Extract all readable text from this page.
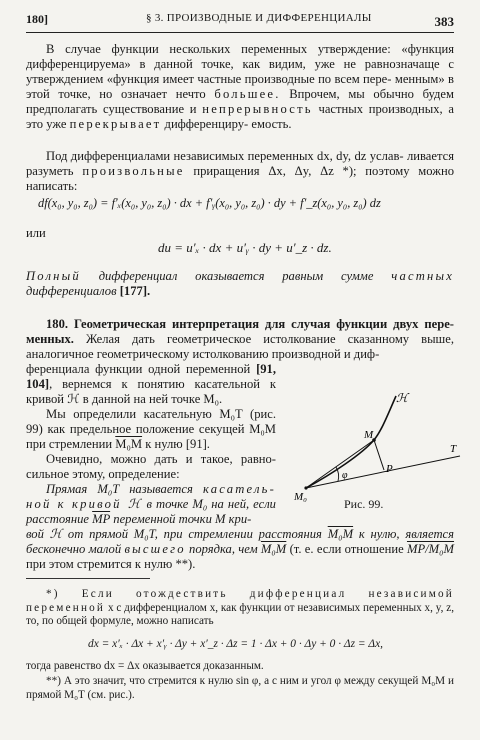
180]	§ 3. ПРОИЗВОДНЫЕ И ДИФФЕРЕНЦИАЛЫ	383
В случае функции нескольких переменных утверждение: «функция дифференцируема» в данной точке, как видим, уже не равнозначаще с утверждением «функция имеет частные производные по всем пере- менным» в этой точке, но означает нечто большее. Впрочем, мы обычно будем предполагать существование и непрерывность частных производных, а это уже перекрывает дифференциру- емость.
Под дифференциалами независимых переменных dx, dy, dz услав- ливается разуметь произвольные приращения Δx, Δy, Δz *); поэтому можно написать:
df(x₀, y₀, z₀) = f′ₓ(x₀, y₀, z₀) · dx + f′ᵧ(x₀, y₀, z₀) · dy + f′_z(x₀, y₀, z₀) dz
или
du = u′ₓ · dx + u′ᵧ · dy + u′_z · dz.
Полный дифференциал оказывается равным сумме частных дифференциалов [177].
180. Геометрическая интерпретация для случая функции двух пере- менных. Желая дать геометрическое истолкование сказанному выше, аналогичное геометрическому истолкованию производной и диф-
ференциала функции одной переменной [91, 104], вернемся к понятию касательной к кривой ℋ в данной на ней точке M₀.
Мы определили касательную M₀T (рис. 99) как предельное положение секущей M₀M при стремлении M₀M к нулю [91].
Очевидно, можно дать и такое, равно- сильное этому, определение:
Прямая M₀T называется касатель- ной к кривой ℋ в точке M₀ на ней, если расстояние $\overline{MP}$ переменной точки M кри-
вой ℋ от прямой M₀T, при стремлении расстояния M₀M к нулю, является бесконечно малой высшего порядка, чем M₀M (т. е. если отношение MP/M₀M при этом стремится к нулю **).
ℋ
M
P
T
M₀
φ
Рис. 99.
*) Если отождествить дифференциал независимой переменной x с дифференциалом x, как функции от независимых переменных x, y, z, то, по общей формуле, можно написать
dx = x′ₓ · Δx + x′ᵧ · Δy + x′_z · Δz = 1 · Δx + 0 · Δy + 0 · Δz = Δx,
тогда равенство dx = Δx оказывается доказанным.
**) А это значит, что стремится к нулю sin φ, а с ним и угол φ между секущей M₀M и прямой M₀T (см. рис.).
